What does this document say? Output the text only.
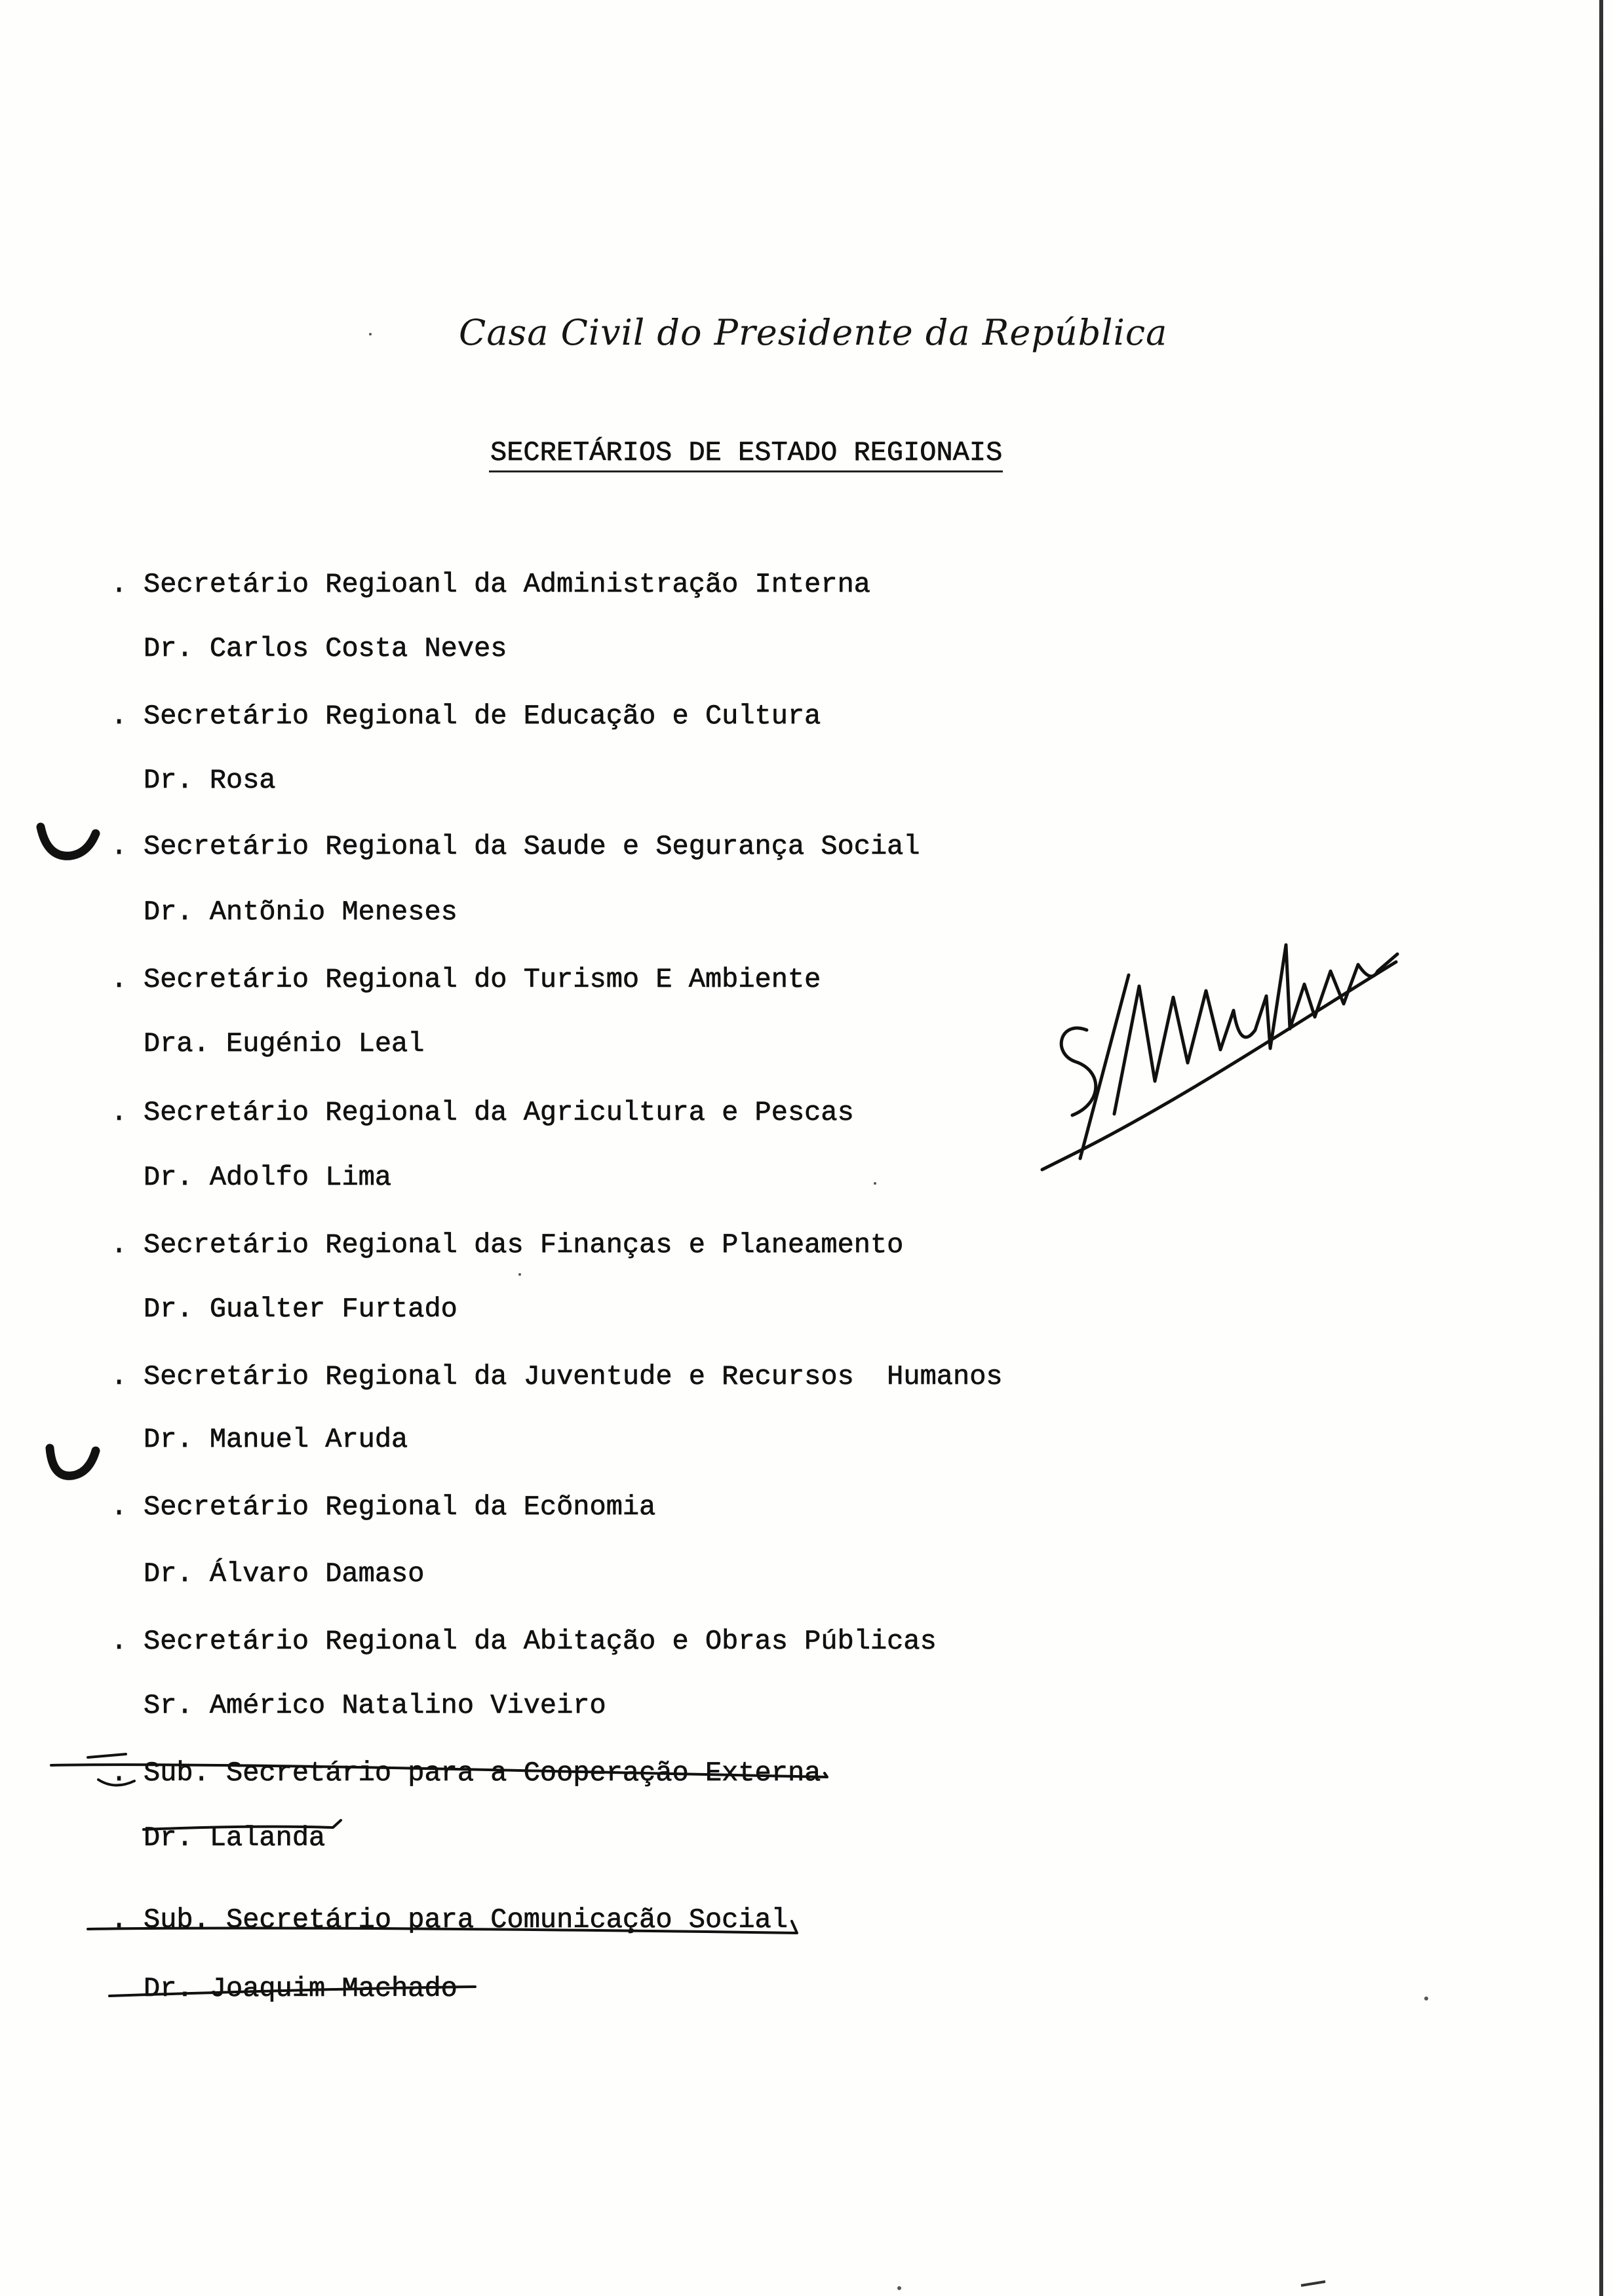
Casa Civil do Presidente da República
SECRETÁRIOS DE ESTADO REGIONAIS
. Secretário Regioanl da Administração Interna
Dr. Carlos Costa Neves
. Secretário Regional de Educação e Cultura
Dr. Rosa
. Secretário Regional da Saude e Segurança Social
Dr. Antõnio Meneses
. Secretário Regional do Turismo E Ambiente
Dra. Eugénio Leal
. Secretário Regional da Agricultura e Pescas
Dr. Adolfo Lima
. Secretário Regional das Finanças e Planeamento
Dr. Gualter Furtado
. Secretário Regional da Juventude e Recursos  Humanos
Dr. Manuel Aruda
. Secretário Regional da Ecõnomia
Dr. Álvaro Damaso
. Secretário Regional da Abitação e Obras Públicas
Sr. Américo Natalino Viveiro
. Sub. Secretário para a Cooperação Externa
Dr. Lalanda
. Sub. Secretário para Comunicação Social
Dr. Joaquim Machado
